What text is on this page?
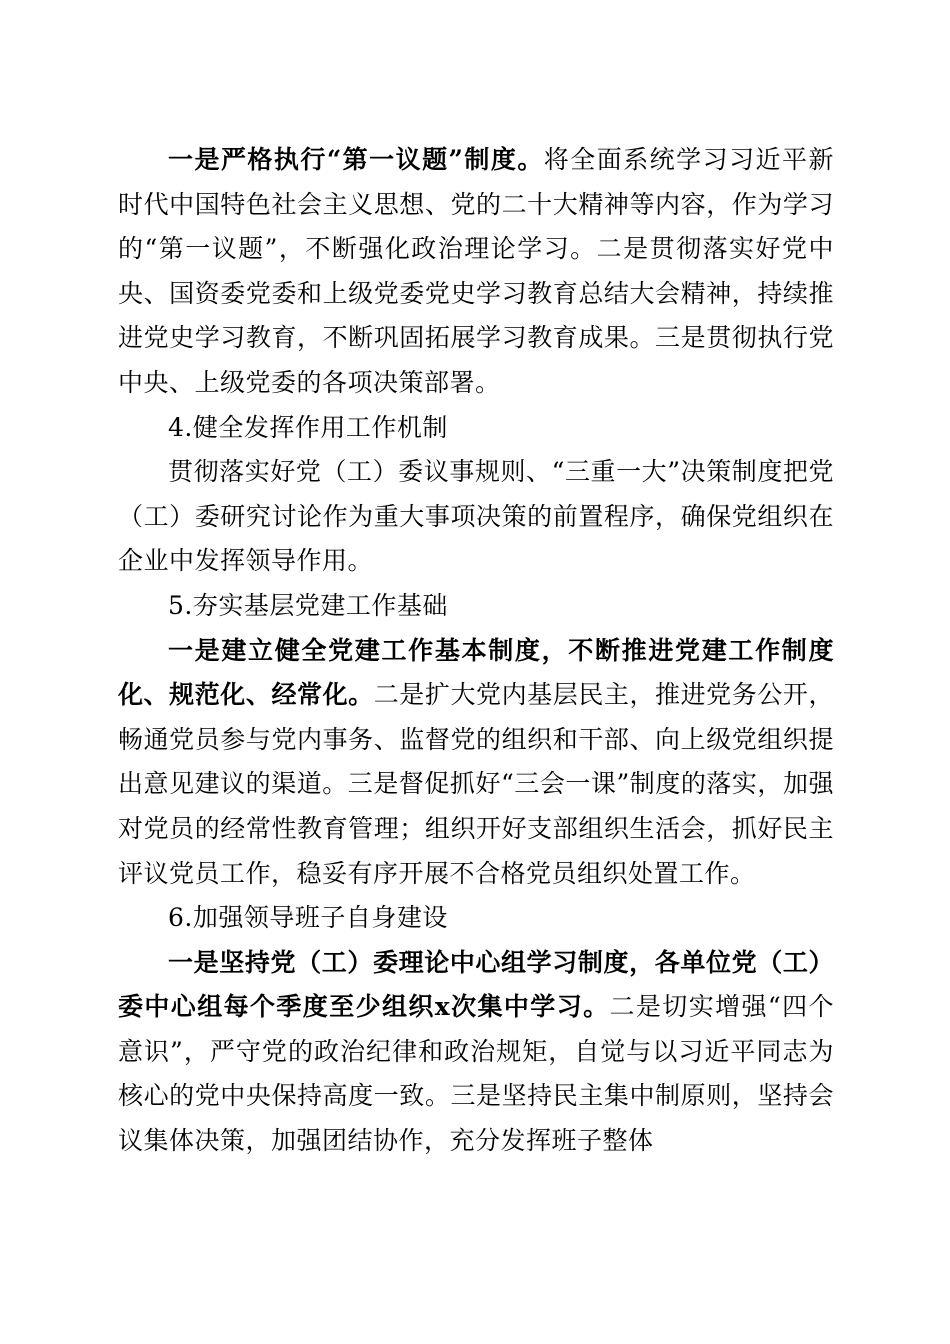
一是严格执行“第一议题”制度。将全面系统学习习近平新时代中国特色社会主义思想、党的二十大精神等内容，作为学习的“第一议题”，不断强化政治理论学习。二是贯彻落实好党中央、国资委党委和上级党委党史学习教育总结大会精神，持续推进党史学习教育，不断巩固拓展学习教育成果。三是贯彻执行党中央、上级党委的各项决策部署。

4.健全发挥作用工作机制

贯彻落实好党（工）委议事规则、“三重一大”决策制度把党（工）委研究讨论作为重大事项决策的前置程序，确保党组织在企业中发挥领导作用。

5.夯实基层党建工作基础

一是建立健全党建工作基本制度，不断推进党建工作制度化、规范化、经常化。二是扩大党内基层民主，推进党务公开，畅通党员参与党内事务、监督党的组织和干部、向上级党组织提出意见建议的渠道。三是督促抓好“三会一课”制度的落实，加强对党员的经常性教育管理；组织开好支部组织生活会，抓好民主评议党员工作，稳妥有序开展不合格党员组织处置工作。

6.加强领导班子自身建设

一是坚持党（工）委理论中心组学习制度，各单位党（工）委中心组每个季度至少组织x次集中学习。二是切实增强“四个意识”，严守党的政治纪律和政治规矩，自觉与以习近平同志为核心的党中央保持高度一致。三是坚持民主集中制原则，坚持会议集体决策，加强团结协作，充分发挥班子整体
